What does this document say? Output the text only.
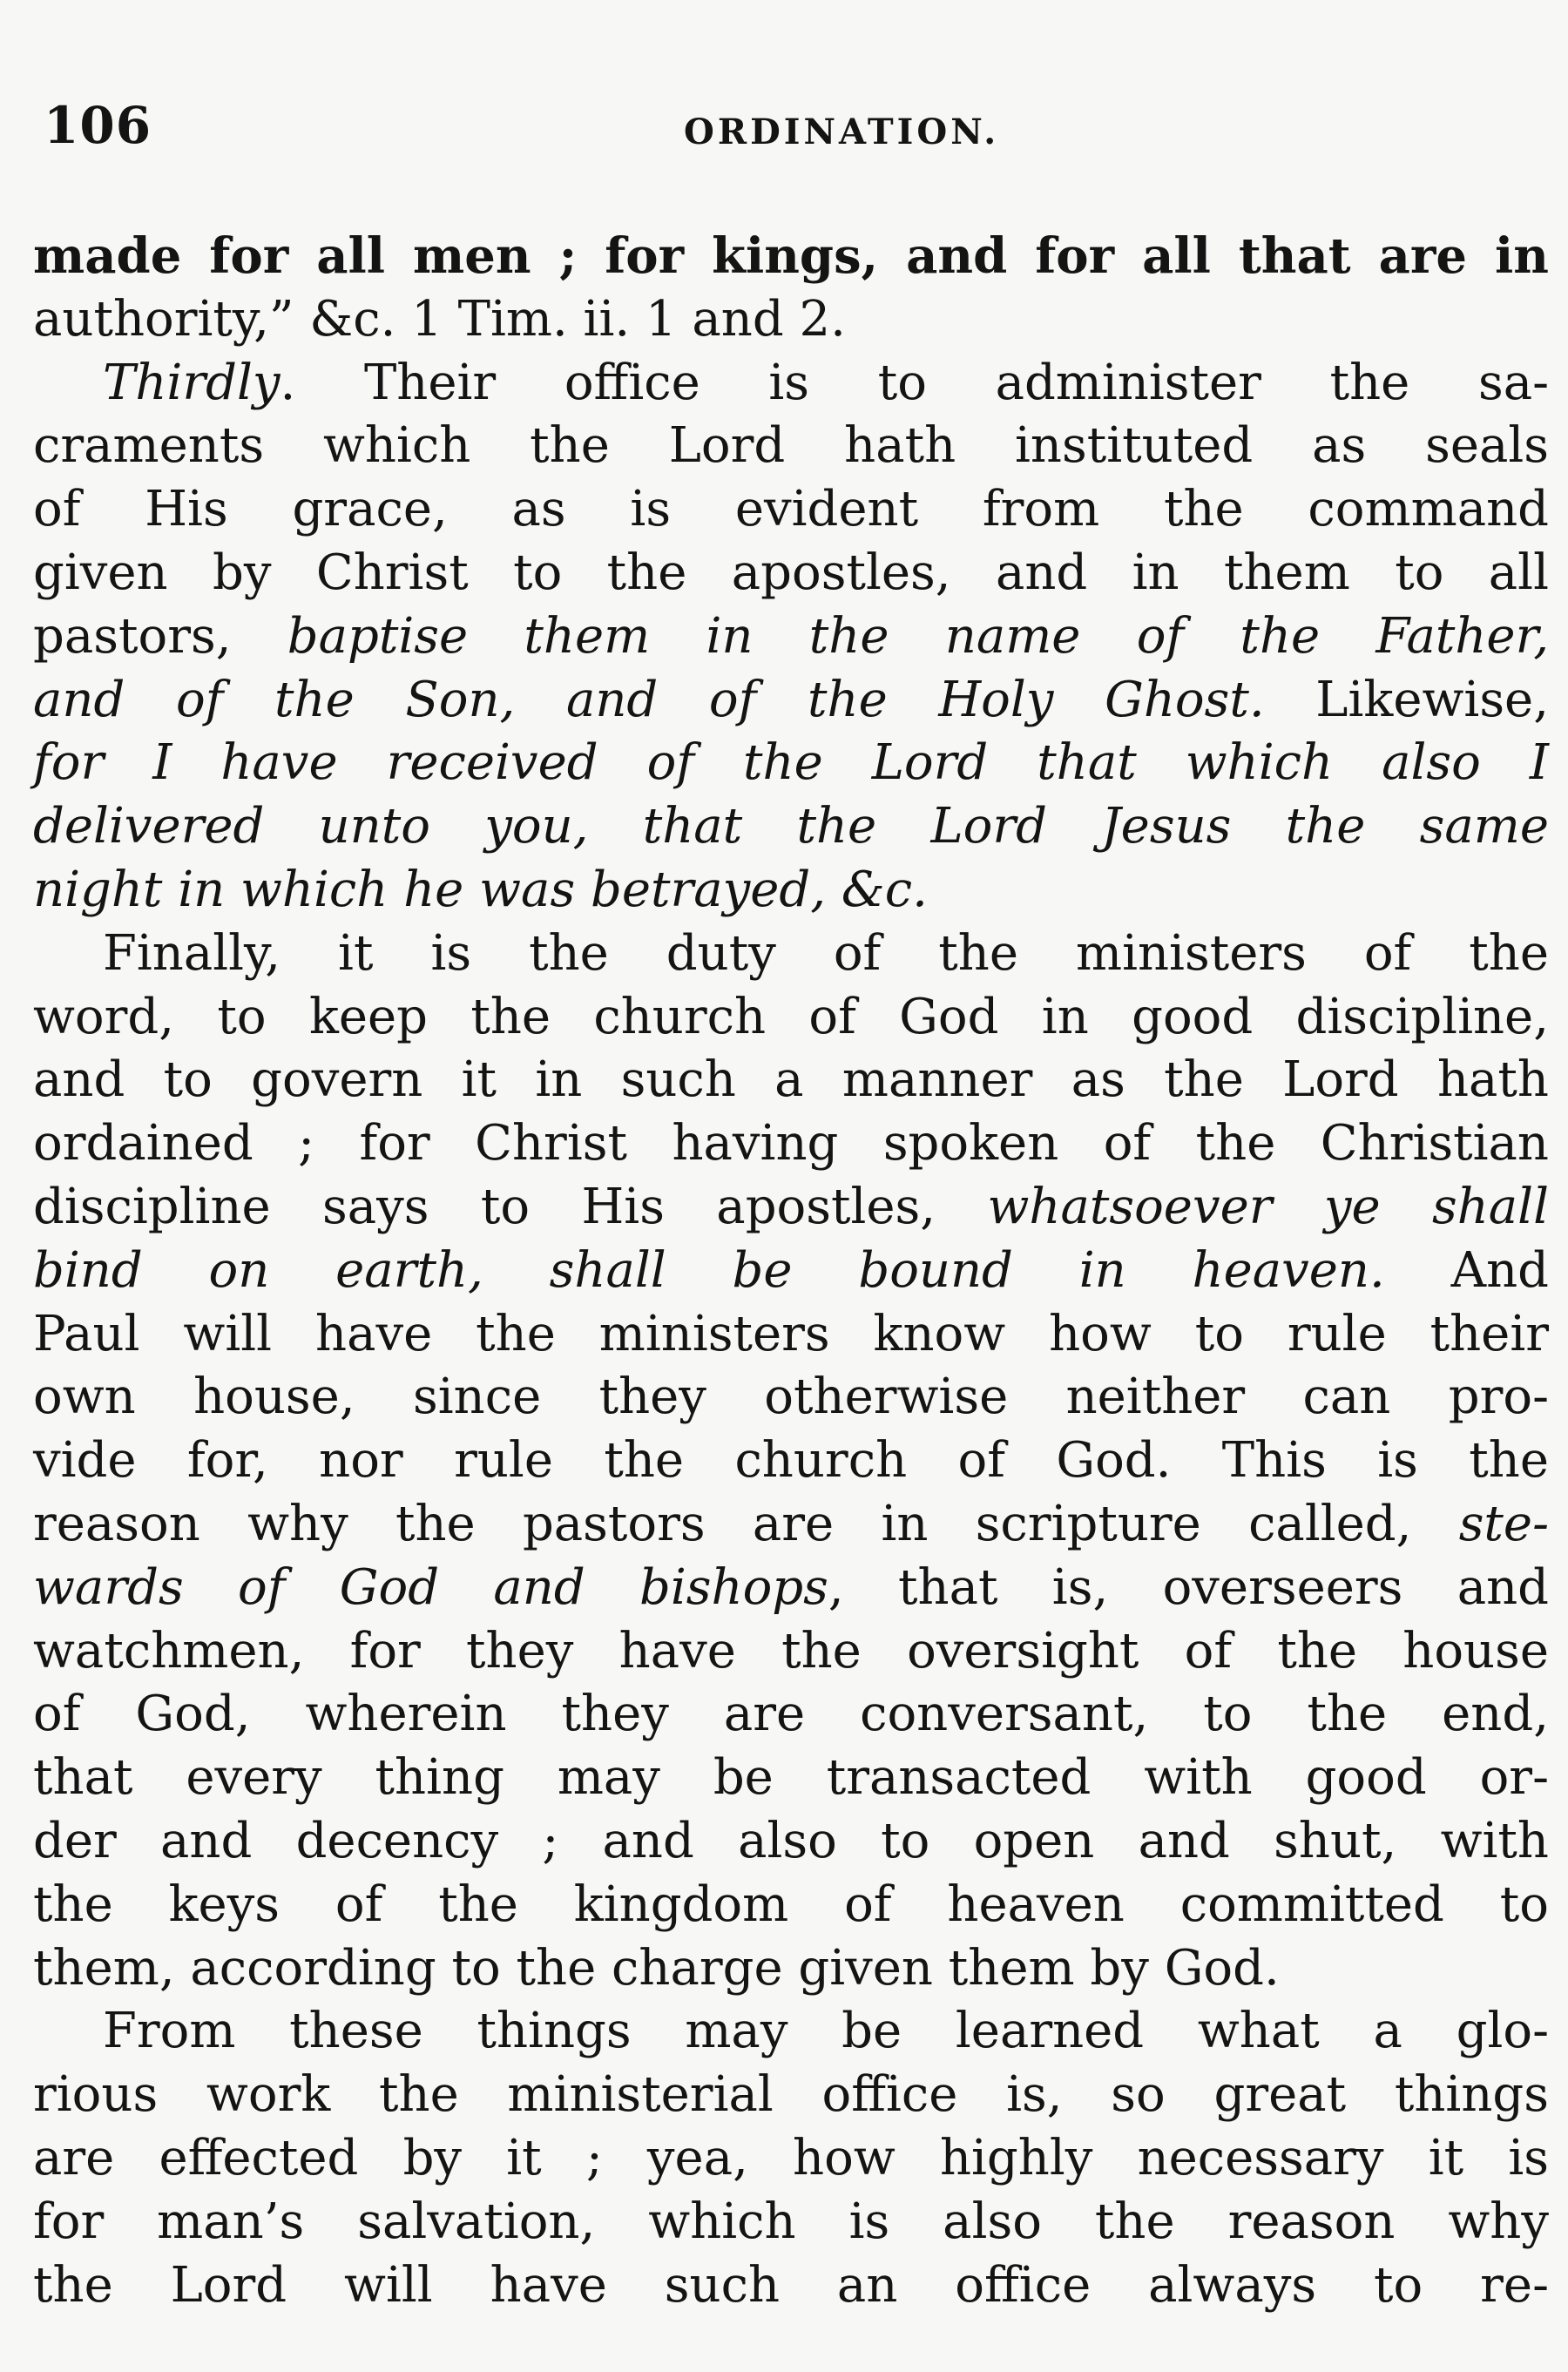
106	ORDINATION.
made for all men ; for kings, and for all that are in
authority,” &c. 1 Tim. ii. 1 and 2.
Thirdly. Their office is to administer the sa-
craments which the Lord hath instituted as seals
of His grace, as is evident from the command
given by Christ to the apostles, and in them to all
pastors, baptise them in the name of the Father,
and of the Son, and of the Holy Ghost. Likewise,
for I have received of the Lord that which also I
delivered unto you, that the Lord Jesus the same
night in which he was betrayed, &c.
Finally, it is the duty of the ministers of the
word, to keep the church of God in good discipline,
and to govern it in such a manner as the Lord hath
ordained ; for Christ having spoken of the Christian
discipline says to His apostles, whatsoever ye shall
bind on earth, shall be bound in heaven. And
Paul will have the ministers know how to rule their
own house, since they otherwise neither can pro-
vide for, nor rule the church of God. This is the
reason why the pastors are in scripture called, ste-
wards of God and bishops, that is, overseers and
watchmen, for they have the oversight of the house
of God, wherein they are conversant, to the end,
that every thing may be transacted with good or-
der and decency ; and also to open and shut, with
the keys of the kingdom of heaven committed to
them, according to the charge given them by God.
From these things may be learned what a glo-
rious work the ministerial office is, so great things
are effected by it ; yea, how highly necessary it is
for man’s salvation, which is also the reason why
the Lord will have such an office always to re-
